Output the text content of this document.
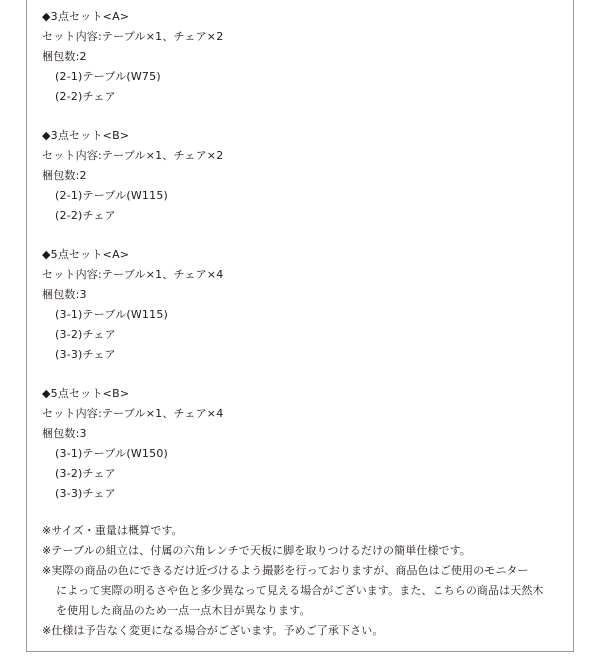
◆3点セット<A>
セット内容:テーブル×1、チェア×2
梱包数:2
(2-1)テーブル(W75)
(2-2)チェア
◆3点セット<B>
セット内容:テーブル×1、チェア×2
梱包数:2
(2-1)テーブル(W115)
(2-2)チェア
◆5点セット<A>
セット内容:テーブル×1、チェア×4
梱包数:3
(3-1)テーブル(W115)
(3-2)チェア
(3-3)チェア
◆5点セット<B>
セット内容:テーブル×1、チェア×4
梱包数:3
(3-1)テーブル(W150)
(3-2)チェア
(3-3)チェア
※サイズ・重量は概算です。
※テーブルの組立は、付属の六角レンチで天板に脚を取りつけるだけの簡単仕様です。
※実際の商品の色にできるだけ近づけるよう撮影を行っておりますが、商品色はご使用のモニター
によって実際の明るさや色と多少異なって見える場合がございます。また、こちらの商品は天然木
を使用した商品のため一点一点木目が異なります。
※仕様は予告なく変更になる場合がございます。予めご了承下さい。
